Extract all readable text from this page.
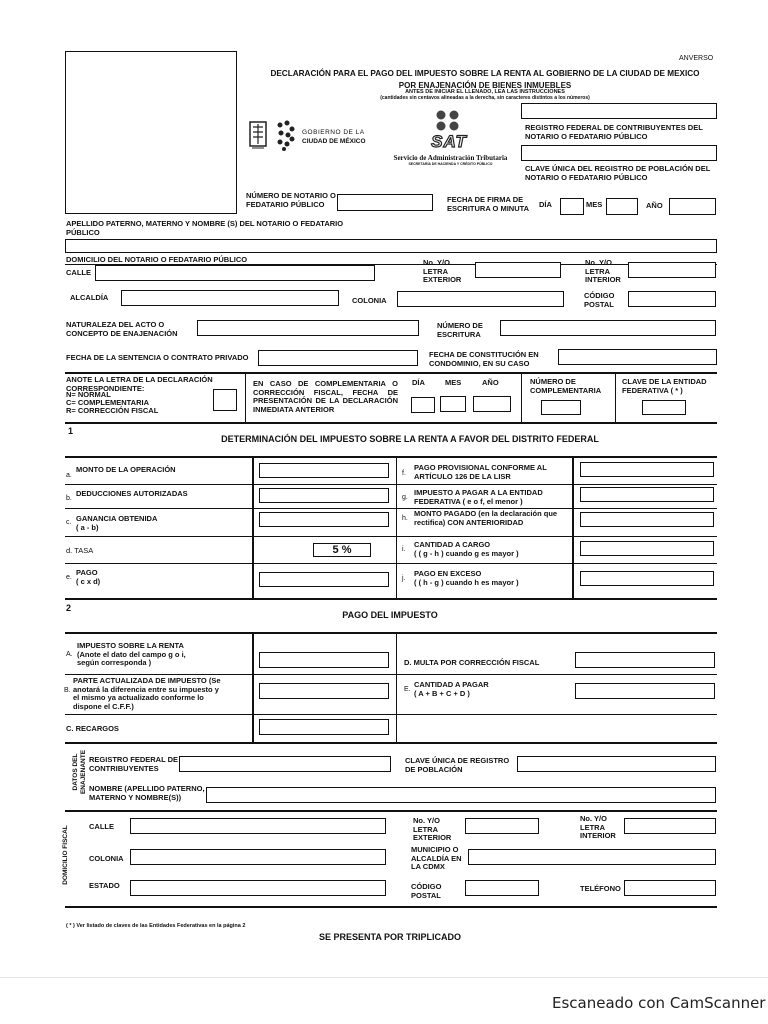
ANVERSO
DECLARACIÓN PARA EL PAGO DEL IMPUESTO SOBRE LA RENTA AL GOBIERNO DE LA CIUDAD DE MEXICO
POR ENAJENACIÓN DE BIENES INMUEBLES
ANTES DE INICIAR EL LLENADO, LEA LAS INSTRUCCIONES
(cantidades sin centavos alineadas a la derecha, sin caracteres distintos a los números)
GOBIERNO DE LA
CIUDAD DE MÉXICO	SAT
Servicio de Administración Tributaria
SECRETARÍA DE HACIENDA Y CRÉDITO PÚBLICO
REGISTRO FEDERAL DE CONTRIBUYENTES DEL NOTARIO O FEDATARIO PÚBLICO
CLAVE ÚNICA DEL REGISTRO DE POBLACIÓN DEL NOTARIO O FEDATARIO PÚBLICO
NÚMERO DE NOTARIO O FEDATARIO PÚBLICO	FECHA DE FIRMA DE ESCRITURA O MINUTA	DÍA	MES	AÑO
APELLIDO PATERNO, MATERNO Y NOMBRE (S) DEL NOTARIO O FEDATARIO PÚBLICO
DOMICILIO DEL NOTARIO O FEDATARIO PÚBLICO
CALLE
No. Y/O LETRA EXTERIOR
No. Y/O LETRA INTERIOR
ALCALDÍA	COLONIA
CÓDIGO POSTAL
NATURALEZA DEL ACTO O CONCEPTO DE ENAJENACIÓN
NÚMERO DE ESCRITURA
FECHA DE LA SENTENCIA O CONTRATO PRIVADO	FECHA DE CONSTITUCIÓN EN CONDOMINIO, EN SU CASO
ANOTE LA LETRA DE LA DECLARACIÓN CORRESPONDIENTE:
N= NORMAL
C= COMPLEMENTARIA
R= CORRECCIÓN FISCAL
EN CASO DE COMPLEMENTARIA O CORRECCIÓN FISCAL, FECHA DE PRESENTACIÓN DE LA DECLARACIÓN INMEDIATA ANTERIOR
DÍA	MES	AÑO	NÚMERO DE COMPLEMENTARIA
CLAVE DE LA ENTIDAD FEDERATIVA ( * )
1
DETERMINACIÓN DEL IMPUESTO SOBRE LA RENTA A FAVOR DEL DISTRITO FEDERAL
a.
MONTO DE LA OPERACIÓN
b.
DEDUCCIONES AUTORIZADAS
c. GANANCIA OBTENIDA
( a - b)
d. TASA	5 %
e.
PAGO
( c x d)
f.
PAGO PROVISIONAL CONFORME AL ARTÍCULO 126 DE LA LISR
g.
IMPUESTO A PAGAR A LA ENTIDAD FEDERATIVA ( e o f, el menor )
h.
MONTO PAGADO (en la declaración que rectifica) CON ANTERIORIDAD
i.
CANTIDAD A CARGO
( ( g - h ) cuando g es mayor )
j.
PAGO EN EXCESO
( ( h - g ) cuando h es mayor )
2
PAGO DEL IMPUESTO
A.
IMPUESTO SOBRE LA RENTA (Anote el dato del campo g o i, según corresponda )	D. MULTA POR CORRECCIÓN FISCAL
B.
PARTE ACTUALIZADA DE IMPUESTO (Se anotará la diferencia entre su impuesto y el mismo ya actualizado conforme lo dispone el C.F.F.)
E.
CANTIDAD A PAGAR
( A + B + C + D )
C. RECARGOS
DATOS DEL ENAJENANTE REGISTRO FEDERAL DE CONTRIBUYENTES
CLAVE ÚNICA DE REGISTRO DE POBLACIÓN
NOMBRE (APELLIDO PATERNO, MATERNO Y NOMBRE(S))
DOMICILIO FISCAL	CALLE
No. Y/O LETRA EXTERIOR
No. Y/O LETRA INTERIOR
COLONIA
MUNICIPIO O ALCALDÍA EN LA CDMX
ESTADO	CÓDIGO POSTAL
TELÉFONO
( * ) Ver listado de claves de las Entidades Federativas en la página 2
SE PRESENTA POR TRIPLICADO
Escaneado con CamScanner
